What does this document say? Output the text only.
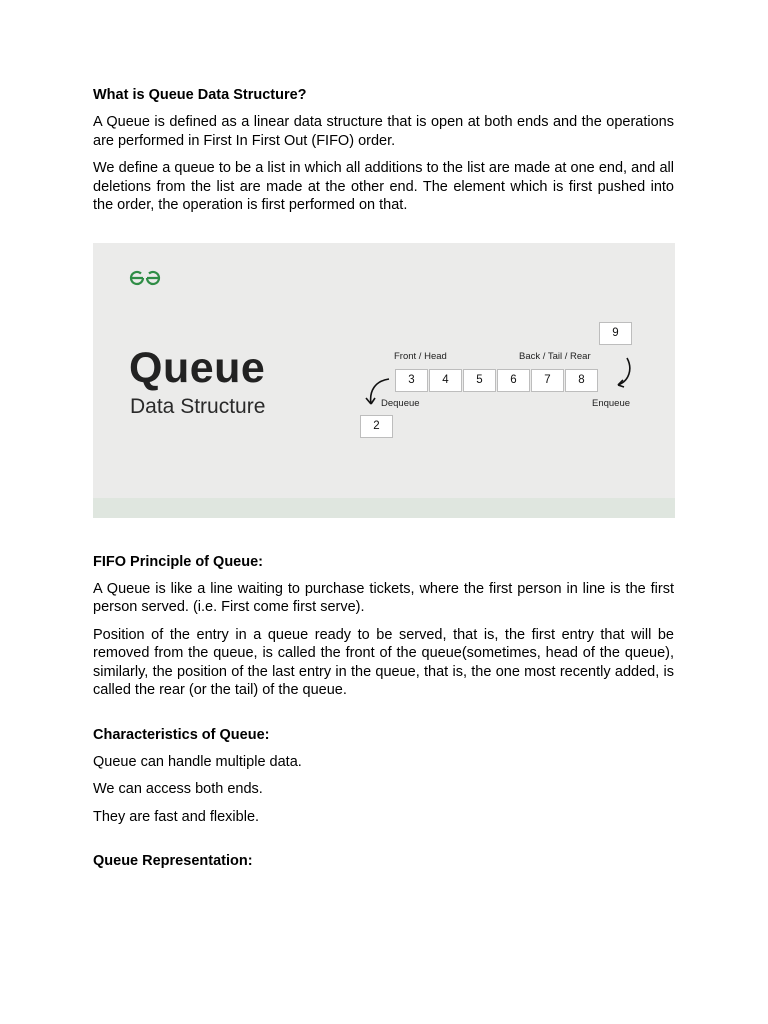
What is Queue Data Structure?

A Queue is defined as a linear data structure that is open at both ends and the operations are performed in First In First Out (FIFO) order.

We define a queue to be a list in which all additions to the list are made at one end, and all deletions from the list are made at the other end. The element which is first pushed into the order, the operation is first performed on that.

Queue
Data Structure
Front / Head	Back / Tail / Rear
3	4	5	6	7	8
9
2
Dequeue	Enqueue
FIFO Principle of Queue:

A Queue is like a line waiting to purchase tickets, where the first person in line is the first person served. (i.e. First come first serve).

Position of the entry in a queue ready to be served, that is, the first entry that will be removed from the queue, is called the front of the queue(sometimes, head of the queue), similarly, the position of the last entry in the queue, that is, the one most recently added, is called the rear (or the tail) of the queue.

Characteristics of Queue:

Queue can handle multiple data.

We can access both ends.

They are fast and flexible.

Queue Representation:
